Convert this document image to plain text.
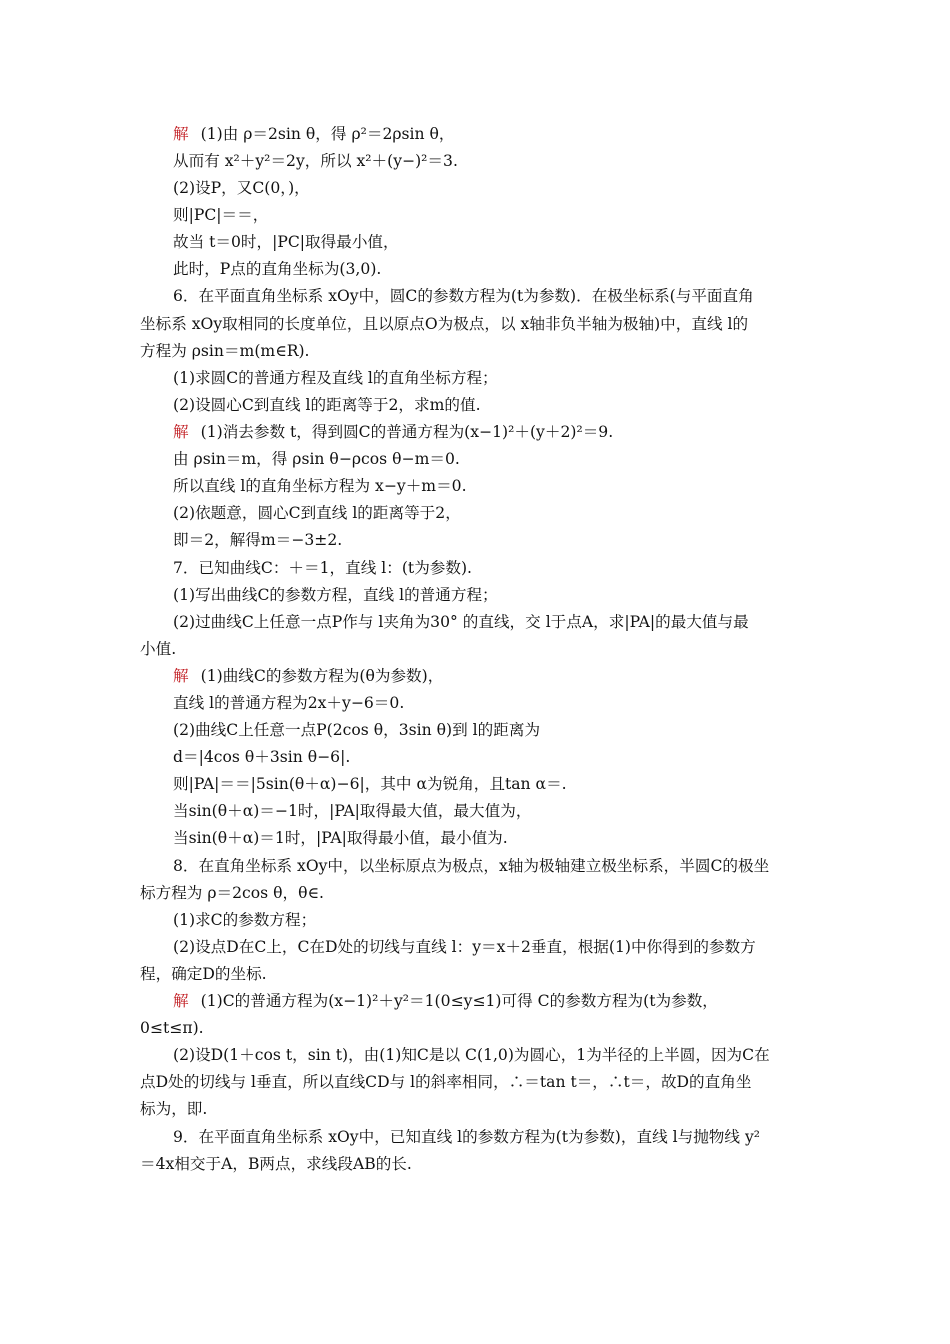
解 (1)由 ρ＝2sin θ，得 ρ²＝2ρsin θ，
从而有 x²＋y²＝2y，所以 x²＋(y−)²＝3.
(2)设P，又C(0，)，
则|PC|＝＝，
故当 t＝0时，|PC|取得最小值，
此时，P点的直角坐标为(3,0).
6．在平面直角坐标系 xOy中，圆C的参数方程为(t为参数)．在极坐标系(与平面直角
坐标系 xOy取相同的长度单位，且以原点O为极点，以 x轴非负半轴为极轴)中，直线 l的
方程为 ρsin＝m(m∈R).
(1)求圆C的普通方程及直线 l的直角坐标方程；
(2)设圆心C到直线 l的距离等于2，求m的值.
解 (1)消去参数 t，得到圆C的普通方程为(x−1)²＋(y＋2)²＝9.
由 ρsin＝m，得 ρsin θ−ρcos θ−m＝0.
所以直线 l的直角坐标方程为 x−y＋m＝0.
(2)依题意，圆心C到直线 l的距离等于2，
即＝2，解得m＝−3±2.
7．已知曲线C：＋＝1，直线 l：(t为参数).
(1)写出曲线C的参数方程，直线 l的普通方程；
(2)过曲线C上任意一点P作与 l夹角为30° 的直线，交 l于点A，求|PA|的最大值与最
小值.
解 (1)曲线C的参数方程为(θ为参数)，
直线 l的普通方程为2x＋y−6＝0.
(2)曲线C上任意一点P(2cos θ，3sin θ)到 l的距离为
d＝|4cos θ＋3sin θ−6|.
则|PA|＝＝|5sin(θ＋α)−6|，其中 α为锐角，且tan α＝.
当sin(θ＋α)＝−1时，|PA|取得最大值，最大值为，
当sin(θ＋α)＝1时，|PA|取得最小值，最小值为.
8．在直角坐标系 xOy中，以坐标原点为极点，x轴为极轴建立极坐标系，半圆C的极坐
标方程为 ρ＝2cos θ，θ∈.
(1)求C的参数方程；
(2)设点D在C上，C在D处的切线与直线 l：y＝x＋2垂直，根据(1)中你得到的参数方
程，确定D的坐标.
解 (1)C的普通方程为(x−1)²＋y²＝1(0≤y≤1)可得 C的参数方程为(t为参数，
0≤t≤π).
(2)设D(1＋cos t，sin t)，由(1)知C是以 C(1,0)为圆心，1为半径的上半圆，因为C在
点D处的切线与 l垂直，所以直线CD与 l的斜率相同，∴＝tan t＝，∴t＝，故D的直角坐
标为，即.
9．在平面直角坐标系 xOy中，已知直线 l的参数方程为(t为参数)，直线 l与抛物线 y²
＝4x相交于A，B两点，求线段AB的长.
